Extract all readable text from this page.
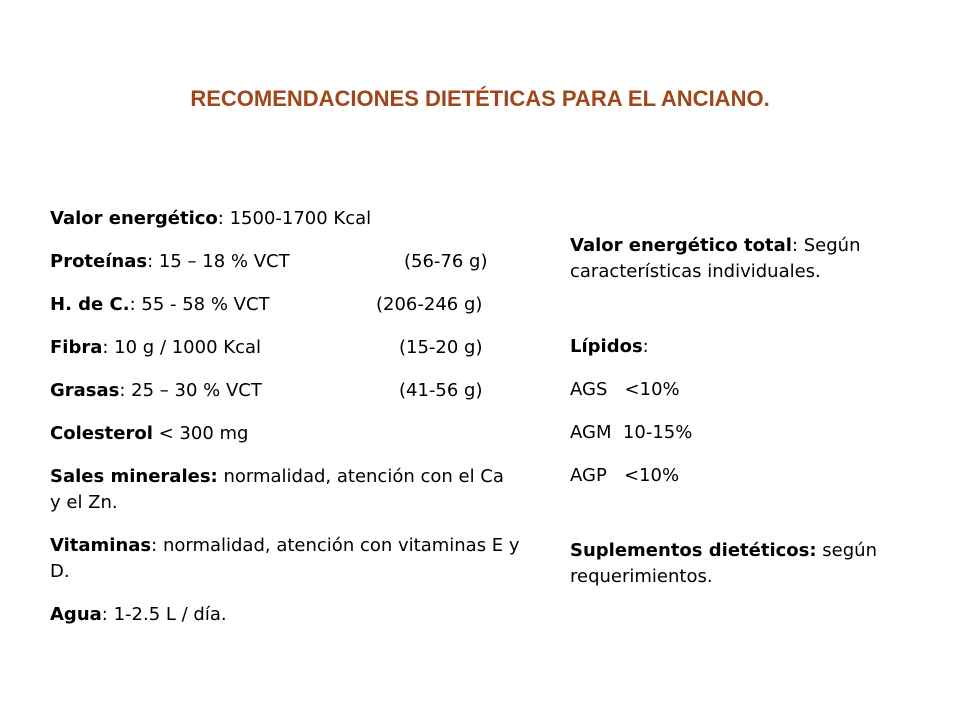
RECOMENDACIONES DIETÉTICAS PARA EL ANCIANO.
Valor energético: 1500-1700 Kcal
Proteínas: 15 – 18 % VCT	(56-76 g)
H. de C.: 55 - 58 % VCT	(206-246 g)
Fibra: 10 g / 1000 Kcal	(15-20 g)
Grasas: 25 – 30 % VCT	(41-56 g)
Colesterol < 300 mg
Sales minerales: normalidad, atención con el Ca y el Zn.
Vitaminas: normalidad, atención con vitaminas E y D.
Agua: 1-2.5 L / día.
Valor energético total: Según características individuales.
Lípidos:
AGS   <10%
AGM  10-15%
AGP   <10%
Suplementos dietéticos: según requerimientos.
